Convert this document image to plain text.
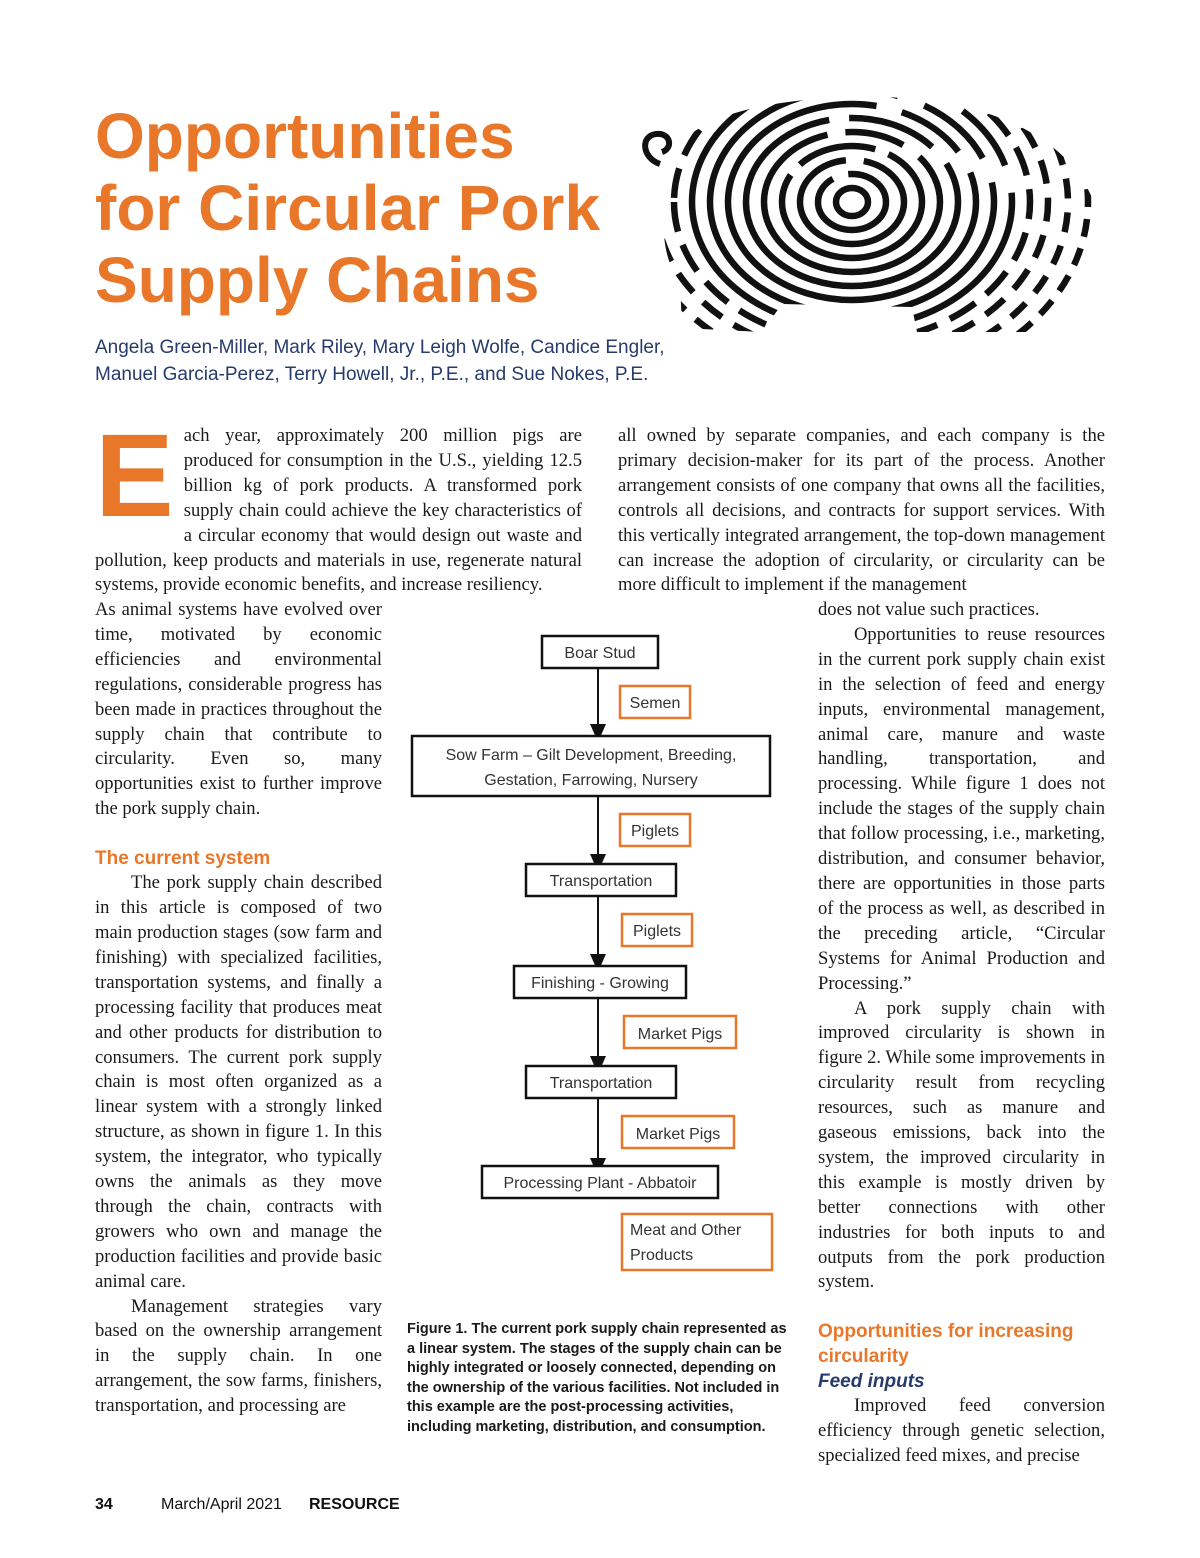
Opportunities
for Circular Pork
Supply Chains
Angela Green-Miller, Mark Riley, Mary Leigh Wolfe, Candice Engler,
Manuel Garcia-Perez, Terry Howell, Jr., P.E., and Sue Nokes, P.E.

Each year, approximately 200 million pigs are produced for consumption in the U.S., yielding 12.5 billion kg of pork products. A transformed pork supply chain could achieve the key characteristics of a circular economy that would design out waste and pollution, keep products and materials in use, regenerate natural systems, provide economic benefits, and increase resiliency.

As animal systems have evolved over time, motivated by economic efficiencies and environmental regulations, considerable progress has been made in practices throughout the supply chain that contribute to circularity. Even so, many opportunities exist to further improve the pork supply chain.

The current system

The pork supply chain described in this article is composed of two main production stages (sow farm and finishing) with specialized facilities, transportation systems, and finally a processing facility that produces meat and other products for distribution to consumers. The current pork supply chain is most often organized as a linear system with a strongly linked structure, as shown in figure 1. In this system, the integrator, who typically owns the animals as they move through the chain, contracts with growers who own and manage the production facilities and provide basic animal care.

Management strategies vary based on the ownership arrangement in the supply chain. In one arrangement, the sow farms, finishers, transportation, and processing are

all owned by separate companies, and each company is the primary decision-maker for its part of the process. Another arrangement consists of one company that owns all the facilities, controls all decisions, and contracts for support services. With this vertically integrated arrangement, the top-down management can increase the adoption of circularity, or circularity can be more difficult to implement if the management

does not value such practices.

Opportunities to reuse resources in the current pork supply chain exist in the selection of feed and energy inputs, environmental management, animal care, manure and waste handling, transportation, and processing. While figure 1 does not include the stages of the supply chain that follow processing, i.e., marketing, distribution, and consumer behavior, there are opportunities in those parts of the process as well, as described in the preceding article, “Circular Systems for Animal Production and Processing.”

A pork supply chain with improved circularity is shown in figure 2. While some improvements in circularity result from recycling resources, such as manure and gaseous emissions, back into the system, the improved circularity in this example is mostly driven by better connections with other industries for both inputs to and outputs from the pork production system.

Opportunities for increasing circularity
Feed inputs

Improved feed conversion efficiency through genetic selection, specialized feed mixes, and precise

Boar Stud
Semen
Sow Farm – Gilt Development, Breeding,
Gestation, Farrowing, Nursery
Piglets
Transportation
Piglets
Finishing - Growing
Market Pigs
Transportation
Market Pigs
Processing Plant - Abbatoir
Meat and Other
Products

Figure 1. The current pork supply chain represented as a linear system. The stages of the supply chain can be highly integrated or loosely connected, depending on the ownership of the various facilities. Not included in this example are the post-processing activities, including marketing, distribution, and consumption.

34	March/April 2021 RESOURCE
